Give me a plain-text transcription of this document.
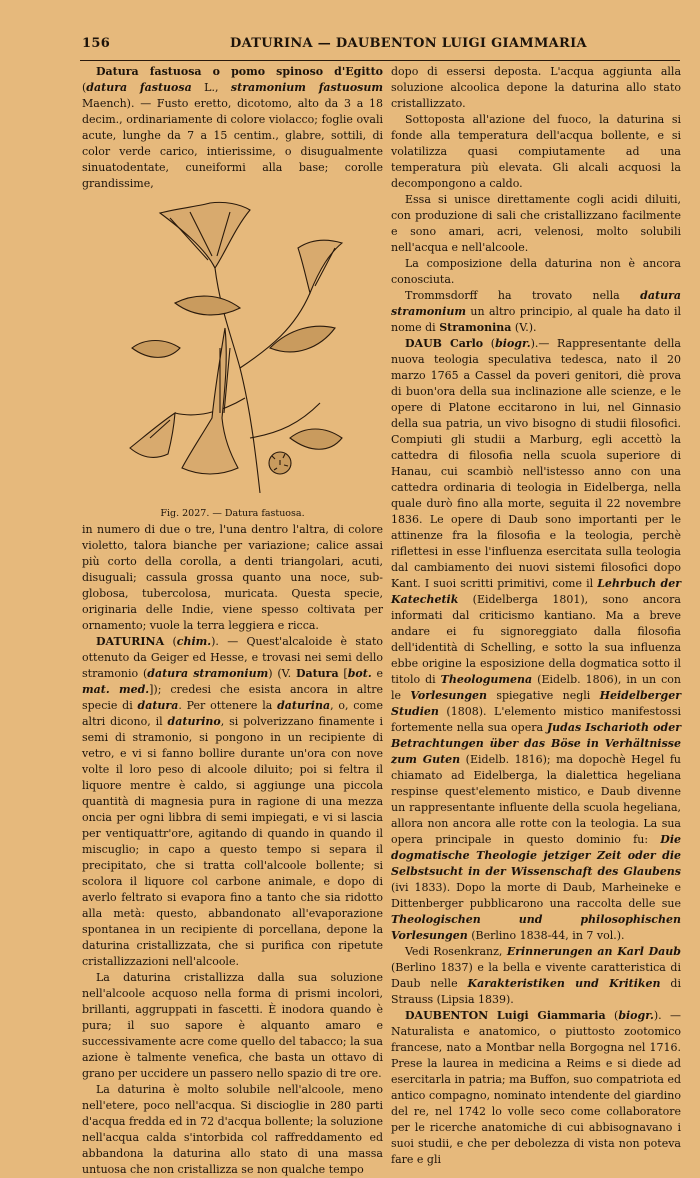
156	DATURINA — DAUBENTON LUIGI GIAMMARIA

Datura fastuosa o pomo spinoso d'Egitto (datura fastuosa L., stramonium fastuosum Maench). — Fusto eretto, dicotomo, alto da 3 a 18 decim., ordinariamente di colore violacco; foglie ovali acute, lunghe da 7 a 15 centim., glabre, sottili, di color verde carico, intierissime, o disugualmente sinuatodentate, cuneiformi alla base; corolle grandissime,

Fig. 2027. — Datura fastuosa.

in numero di due o tre, l'una dentro l'altra, di colore violetto, talora bianche per variazione; calice assai più corto della corolla, a denti triangolari, acuti, disuguali; cassula grossa quanto una noce, sub-globosa, tubercolosa, muricata. Questa specie, originaria delle Indie, viene spesso coltivata per ornamento; vuole la terra leggiera e ricca.

DATURINA (chim.). — Quest'alcaloide è stato ottenuto da Geiger ed Hesse, e trovasi nei semi dello stramonio (datura stramonium) (V. Datura [bot. e mat. med.]); credesi che esista ancora in altre specie di datura. Per ottenere la daturina, o, come altri dicono, il daturino, si polverizzano finamente i semi di stramonio, si pongono in un recipiente di vetro, e vi si fanno bollire durante un'ora con nove volte il loro peso di alcoole diluito; poi si feltra il liquore mentre è caldo, si aggiunge una piccola quantità di magnesia pura in ragione di una mezza oncia per ogni libbra di semi impiegati, e vi si lascia per ventiquattr'ore, agitando di quando in quando il miscuglio; in capo a questo tempo si separa il precipitato, che si tratta coll'alcoole bollente; si scolora il liquore col carbone animale, e dopo di averlo feltrato si evapora fino a tanto che sia ridotto alla metà: questo, abbandonato all'evaporazione spontanea in un recipiente di porcellana, depone la daturina cristallizzata, che si purifica con ripetute cristallizzazioni nell'alcoole.

La daturina cristallizza dalla sua soluzione nell'alcoole acquoso nella forma di prismi incolori, brillanti, aggruppati in fascetti. È inodora quando è pura; il suo sapore è alquanto amaro e successivamente acre come quello del tabacco; la sua azione è talmente venefica, che basta un ottavo di grano per uccidere un passero nello spazio di tre ore.

La daturina è molto solubile nell'alcoole, meno nell'etere, poco nell'acqua. Si discioglie in 280 parti d'acqua fredda ed in 72 d'acqua bollente; la soluzione nell'acqua calda s'intorbida col raffreddamento ed abbandona la daturina allo stato di una massa untuosa che non cristallizza se non qualche tempo

dopo di essersi deposta. L'acqua aggiunta alla soluzione alcoolica depone la daturina allo stato cristallizzato.

Sottoposta all'azione del fuoco, la daturina si fonde alla temperatura dell'acqua bollente, e si volatilizza quasi compiutamente ad una temperatura più elevata. Gli alcali acquosi la decompongono a caldo.

Essa si unisce direttamente cogli acidi diluiti, con produzione di sali che cristallizzano facilmente e sono amari, acri, velenosi, molto solubili nell'acqua e nell'alcoole.

La composizione della daturina non è ancora conosciuta.

Trommsdorff ha trovato nella datura stramonium un altro principio, al quale ha dato il nome di Stramonina (V.).

DAUB Carlo (biogr.).— Rappresentante della nuova teologia speculativa tedesca, nato il 20 marzo 1765 a Cassel da poveri genitori, diè prova di buon'ora della sua inclinazione alle scienze, e le opere di Platone eccitarono in lui, nel Ginnasio della sua patria, un vivo bisogno di studii filosofici. Compiuti gli studii a Marburg, egli accettò la cattedra di filosofia nella scuola superiore di Hanau, cui scambiò nell'istesso anno con una cattedra ordinaria di teologia in Eidelberga, nella quale durò fino alla morte, seguita il 22 novembre 1836. Le opere di Daub sono importanti per le attinenze fra la filosofia e la teologia, perchè riflettesi in esse l'influenza esercitata sulla teologia dal cambiamento dei nuovi sistemi filosofici dopo Kant. I suoi scritti primitivi, come il Lehrbuch der Katechetik (Eidelberga 1801), sono ancora informati dal criticismo kantiano. Ma a breve andare ei fu signoreggiato dalla filosofia dell'identità di Schelling, e sotto la sua influenza ebbe origine la esposizione della dogmatica sotto il titolo di Theologumena (Eidelb. 1806), in un con le Vorlesungen spiegative negli Heidelberger Studien (1808). L'elemento mistico manifestossi fortemente nella sua opera Judas Ischarioth oder Betrachtungen über das Böse in Verhältnisse zum Guten (Eidelb. 1816); ma dopochè Hegel fu chiamato ad Eidelberga, la dialettica hegeliana respinse quest'elemento mistico, e Daub divenne un rappresentante influente della scuola hegeliana, allora non ancora alle rotte con la teologia. La sua opera principale in questo dominio fu: Die dogmatische Theologie jetziger Zeit oder die Selbstsucht in der Wissenschaft des Glaubens (ivi 1833). Dopo la morte di Daub, Marheineke e Dittenberger pubblicarono una raccolta delle sue Theologischen und philosophischen Vorlesungen (Berlino 1838-44, in 7 vol.).

Vedi Rosenkranz, Erinnerungen an Karl Daub (Berlino 1837) e la bella e vivente caratteristica di Daub nelle Karakteristiken und Kritiken di Strauss (Lipsia 1839).

DAUBENTON Luigi Giammaria (biogr.). — Naturalista e anatomico, o piuttosto zootomico francese, nato a Montbar nella Borgogna nel 1716. Prese la laurea in medicina a Reims e si diede ad esercitarla in patria; ma Buffon, suo compatriota ed antico compagno, nominato intendente del giardino del re, nel 1742 lo volle seco come collaboratore per le ricerche anatomiche di cui abbisognavano i suoi studii, e che per debolezza di vista non poteva fare e gli
